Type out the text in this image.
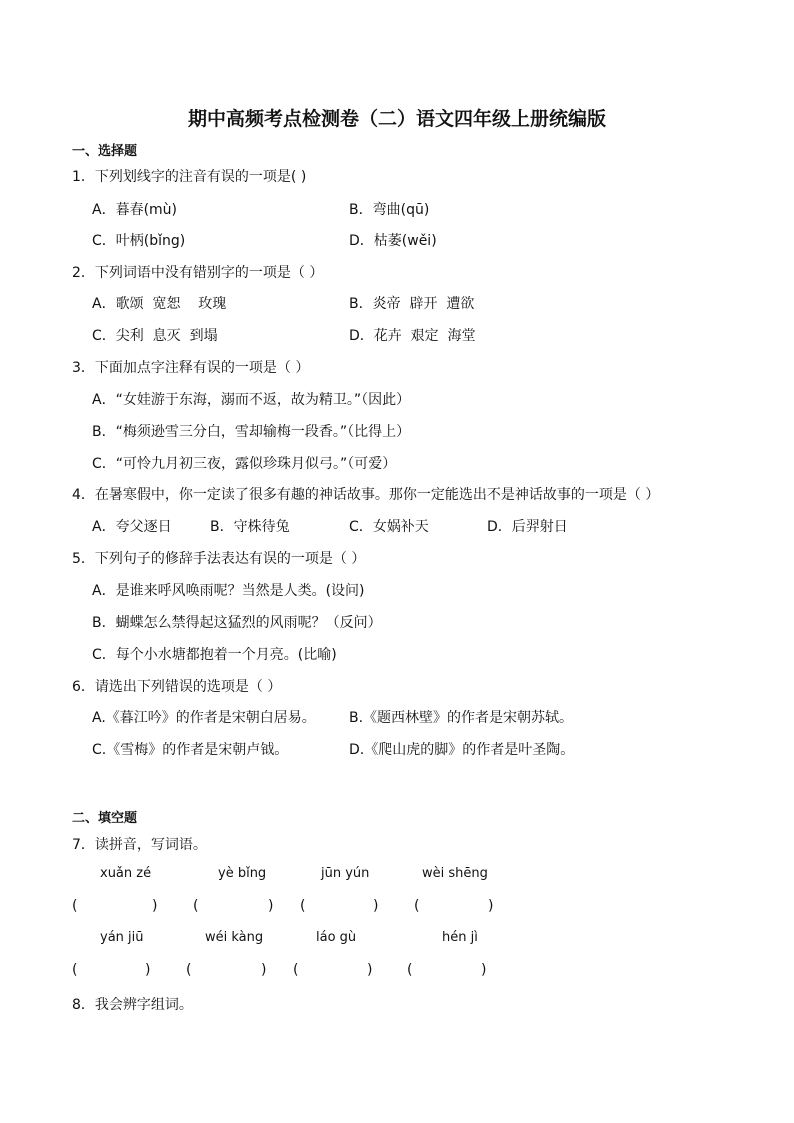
期中高频考点检测卷（二）语文四年级上册统编版
一、选择题
1．下列划线字的注音有误的一项是( )
A．暮春(mù)	B．弯曲(qū)
C．叶柄(bǐng)	D．枯萎(wěi)
2．下列词语中没有错别字的一项是（ ）
A．歌颂  宽恕    玫瑰	B．炎帝  辟开  遭欲
C．尖利  息灭  到塌	D．花卉  艰定  海堂
3．下面加点字注释有误的一项是（ ）
A．“女娃游于东海，溺而不返，故为精卫。”（因此）
B．“梅须逊雪三分白，雪却输梅一段香。”（比得上）
C．“可怜九月初三夜，露似珍珠月似弓。”（可爱）
4．在暑寒假中，你一定读了很多有趣的神话故事。那你一定能选出不是神话故事的一项是（ ）
A．夸父逐日	B．守株待兔	C．女娲补天	D．后羿射日
5．下列句子的修辞手法表达有误的一项是（ ）
A．是谁来呼风唤雨呢？当然是人类。(设问)
B．蝴蝶怎么禁得起这猛烈的风雨呢？（反问）
C．每个小水塘都抱着一个月亮。(比喻)
6．请选出下列错误的选项是（ ）
A.《暮江吟》的作者是宋朝白居易。 B.《题西林壁》的作者是宋朝苏轼。
C.《雪梅》的作者是宋朝卢钺。	D.《爬山虎的脚》的作者是叶圣陶。
二、填空题
7．读拼音，写词语。
xuǎn zé	yè bǐng	jūn yún	wèi shēng
(	)	(	) (	)	(	)
yán jiū	wéi kàng	láo gù	hén jì
(	)	(	) (	) (	)
8．我会辨字组词。
